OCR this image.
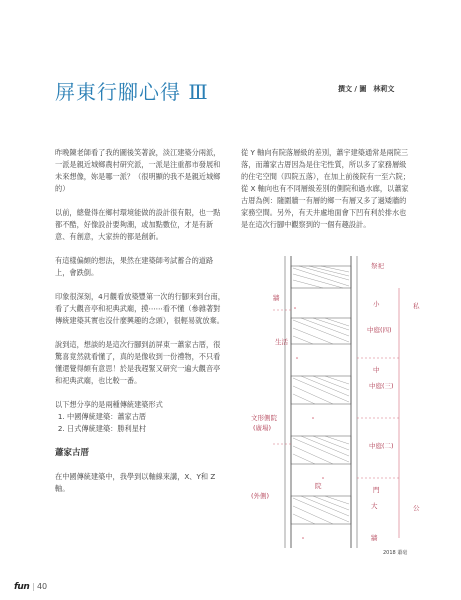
屏東行腳心得 Ⅲ	撰文 / 圖　林莉文

昨晚陳老師看了我的圖後笑著說，淡江建築分兩派，一派是親近城鄉農村研究派，一派是注重都市發展和未來想像，妳是哪一派？（很明顯的我不是親近城鄉的）

以前，總覺得在鄉村環境能做的設計很有限，也一點都不酷，好像設計要夠潮，或加點數位，才是有新意、有創意，大家拚的都是創新。

有這樣偏頗的想法，果然在建築師考試蓄合的道路上，會跌倒。

印象很深刻，4月觀看放築豐第一次的行腳來到台南，看了大觀音亭和祀典武廟，摸⋯⋯看不懂（參雜著對傳統建築其實也沒什麼興趣的念頭），很輕易就放棄。

說到這，想談的是這次行腳到訪屏東一蕭家古厝，很驚喜竟然就看懂了，真的是像收到一份禮物，不只看懂還覺得頗有意思！於是我趕緊又研究一遍大觀音亭和祀典武廟，也比較一番。

以下想分享的是兩種傳統建築形式

1. 中國傳統建築：蕭家古厝
2. 日式傳統建築：勝利星村
蕭家古厝

在中國傳統建築中，我學到以軸線來講，X、Y和 Z 軸。

從 Y 軸向有院落層級的差別，蕭宇建築通常是兩院三落，而蕭家古厝因為是住宅性質，所以多了家務層級的住宅空間（四院五落），在加上前後院有一至六院；從 X 軸向也有不同層級差別的側院和過水廊，以蕭家古厝為例：隨圍牆一有層的鄉一有層又多了過矮牆的家務空間。另外，有天井處地面會下凹有利於排水也是在這次行腳中觀察到的一個有趣設計。

祭祀
牆
小	私
中庭(四)
生活
中庭(三)
中
中庭(二)
文形側院
(廣場)
(外側)
院	門
大	公
牆
2018 蕭毫
fun | 40
